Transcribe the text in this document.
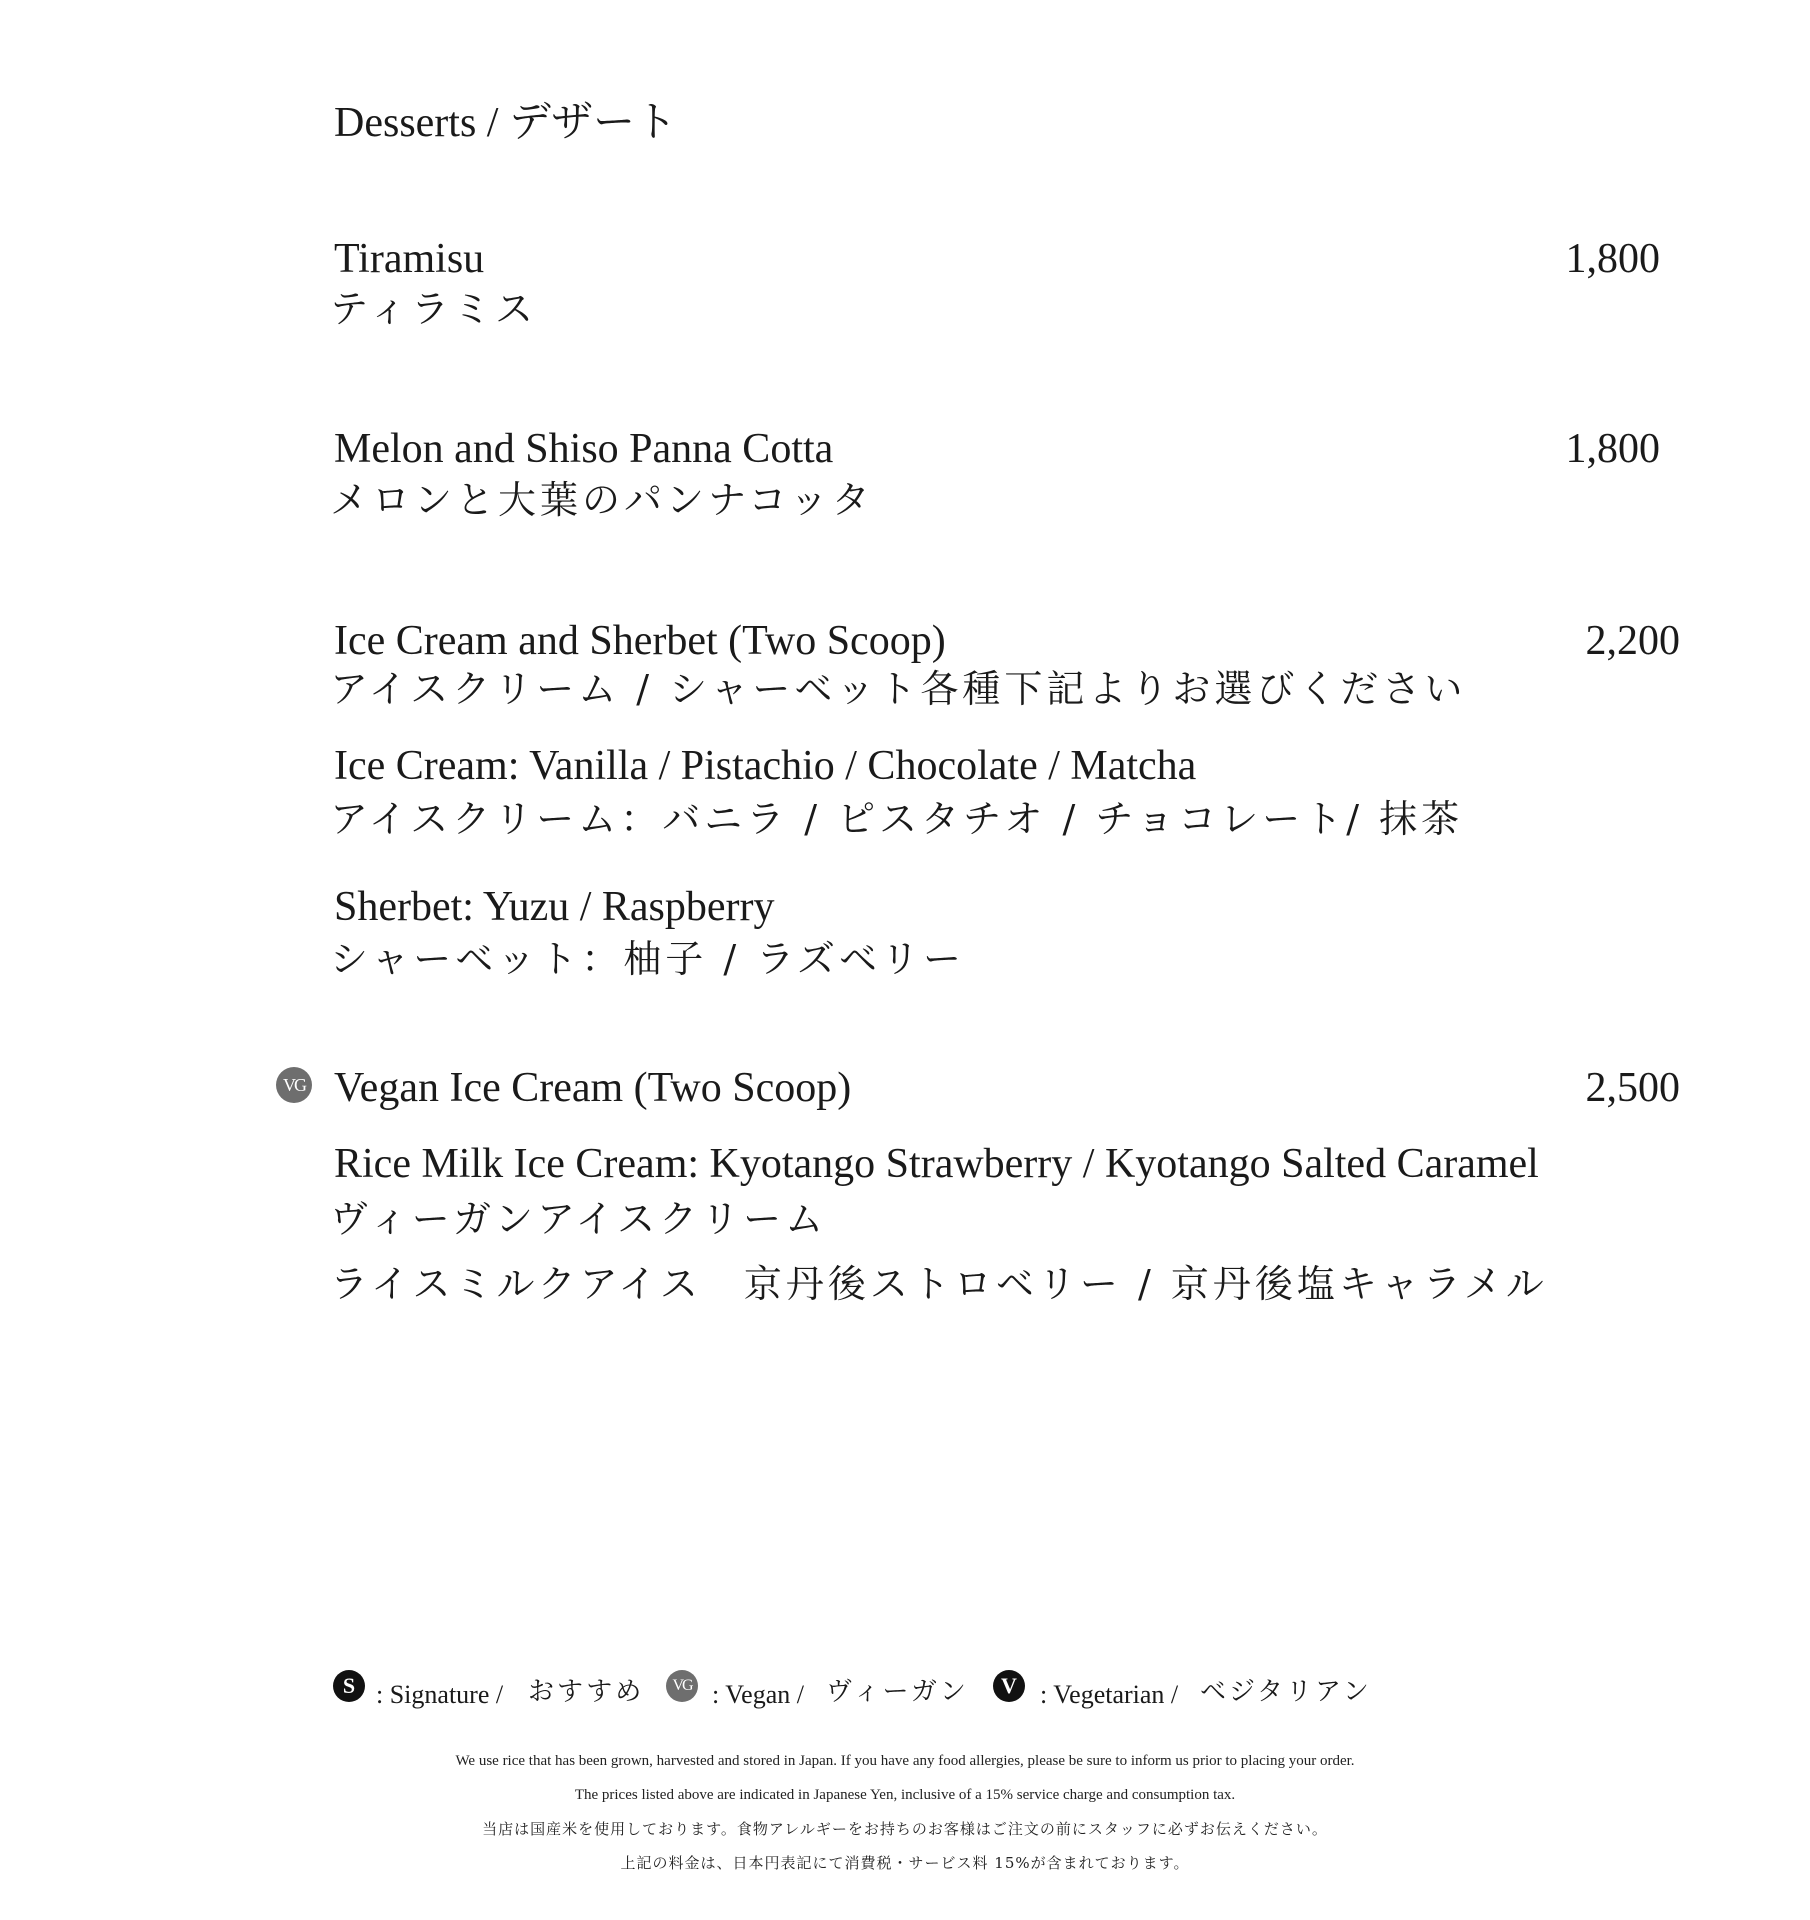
Desserts / デザート
Tiramisu	1,800
ティラミス
Melon and Shiso Panna Cotta	1,800
メロンと大葉のパンナコッタ
Ice Cream and Sherbet (Two Scoop)	2,200
アイスクリーム / シャーベット各種下記よりお選びください
Ice Cream: Vanilla / Pistachio / Chocolate / Matcha
アイスクリーム：バニラ / ピスタチオ / チョコレート/ 抹茶
Sherbet: Yuzu / Raspberry
シャーベット：柚子 / ラズベリー
VG Vegan Ice Cream (Two Scoop)	2,500
Rice Milk Ice Cream: Kyotango Strawberry / Kyotango Salted Caramel
ヴィーガンアイスクリーム
ライスミルクアイス　京丹後ストロベリー / 京丹後塩キャラメル
S : Signature / おすすめ	VG : Vegan / ヴィーガン	V : Vegetarian / ベジタリアン
We use rice that has been grown, harvested and stored in Japan. If you have any food allergies, please be sure to inform us prior to placing your order.
The prices listed above are indicated in Japanese Yen, inclusive of a 15% service charge and consumption tax.
当店は国産米を使用しております。食物アレルギーをお持ちのお客様はご注文の前にスタッフに必ずお伝えください。
上記の料金は、日本円表記にて消費税・サービス料 15%が含まれております。
